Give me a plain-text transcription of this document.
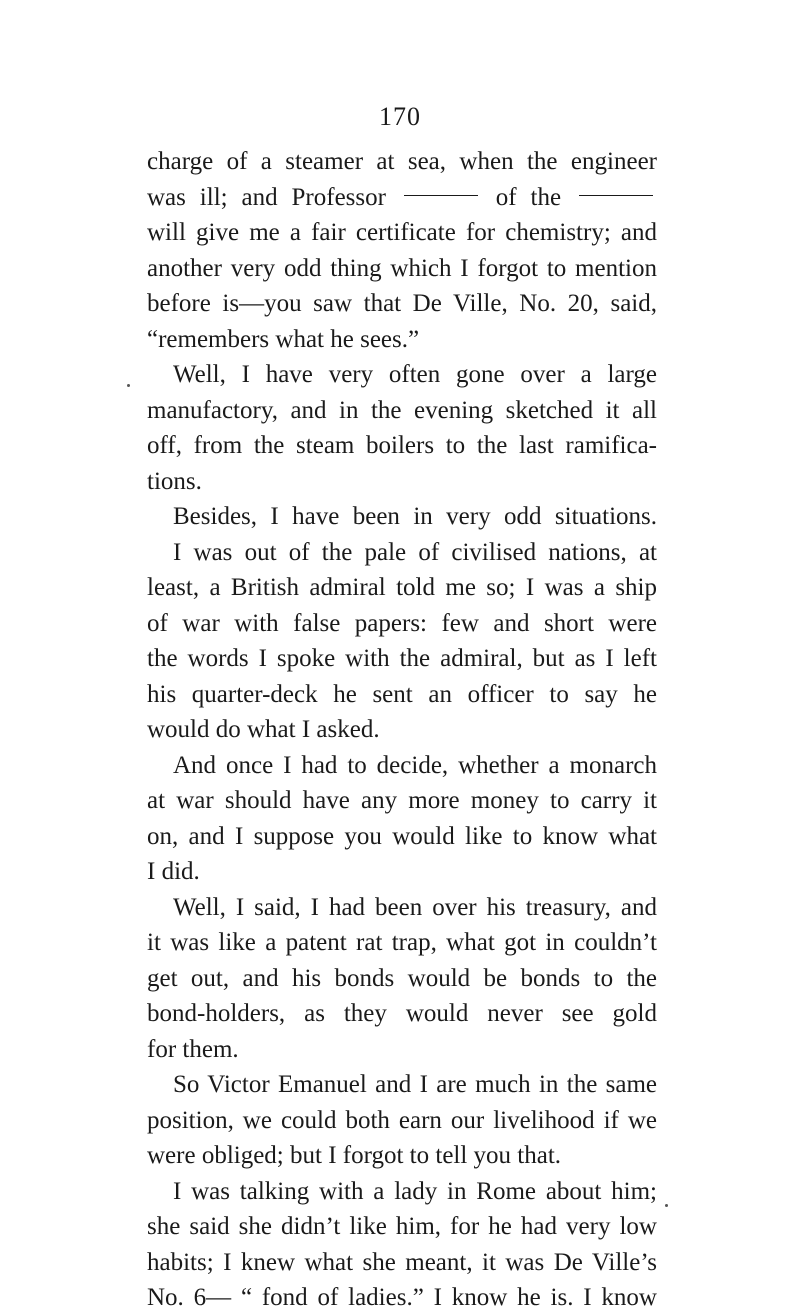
170
charge of a steamer at sea, when the engineer
was ill; and Professor	of the
will give me a fair certificate for chemistry; and
another very odd thing which I forgot to mention
before is—you saw that De Ville, No. 20, said,
“remembers what he sees.”
Well, I have very often gone over a large
manufactory, and in the evening sketched it all
off, from the steam boilers to the last ramifica-
tions.
Besides, I have been in very odd situations.
I was out of the pale of civilised nations, at
least, a British admiral told me so; I was a ship
of war with false papers: few and short were
the words I spoke with the admiral, but as I left
his quarter-deck he sent an officer to say he
would do what I asked.
And once I had to decide, whether a monarch
at war should have any more money to carry it
on, and I suppose you would like to know what
I did.
Well, I said, I had been over his treasury, and
it was like a patent rat trap, what got in couldn’t
get out, and his bonds would be bonds to the
bond-holders, as they would never see gold
for them.
So Victor Emanuel and I are much in the same
position, we could both earn our livelihood if we
were obliged; but I forgot to tell you that.
I was talking with a lady in Rome about him;
she said she didn’t like him, for he had very low
habits; I knew what she meant, it was De Ville’s
No. 6— “ fond of ladies.” I know he is. I know
